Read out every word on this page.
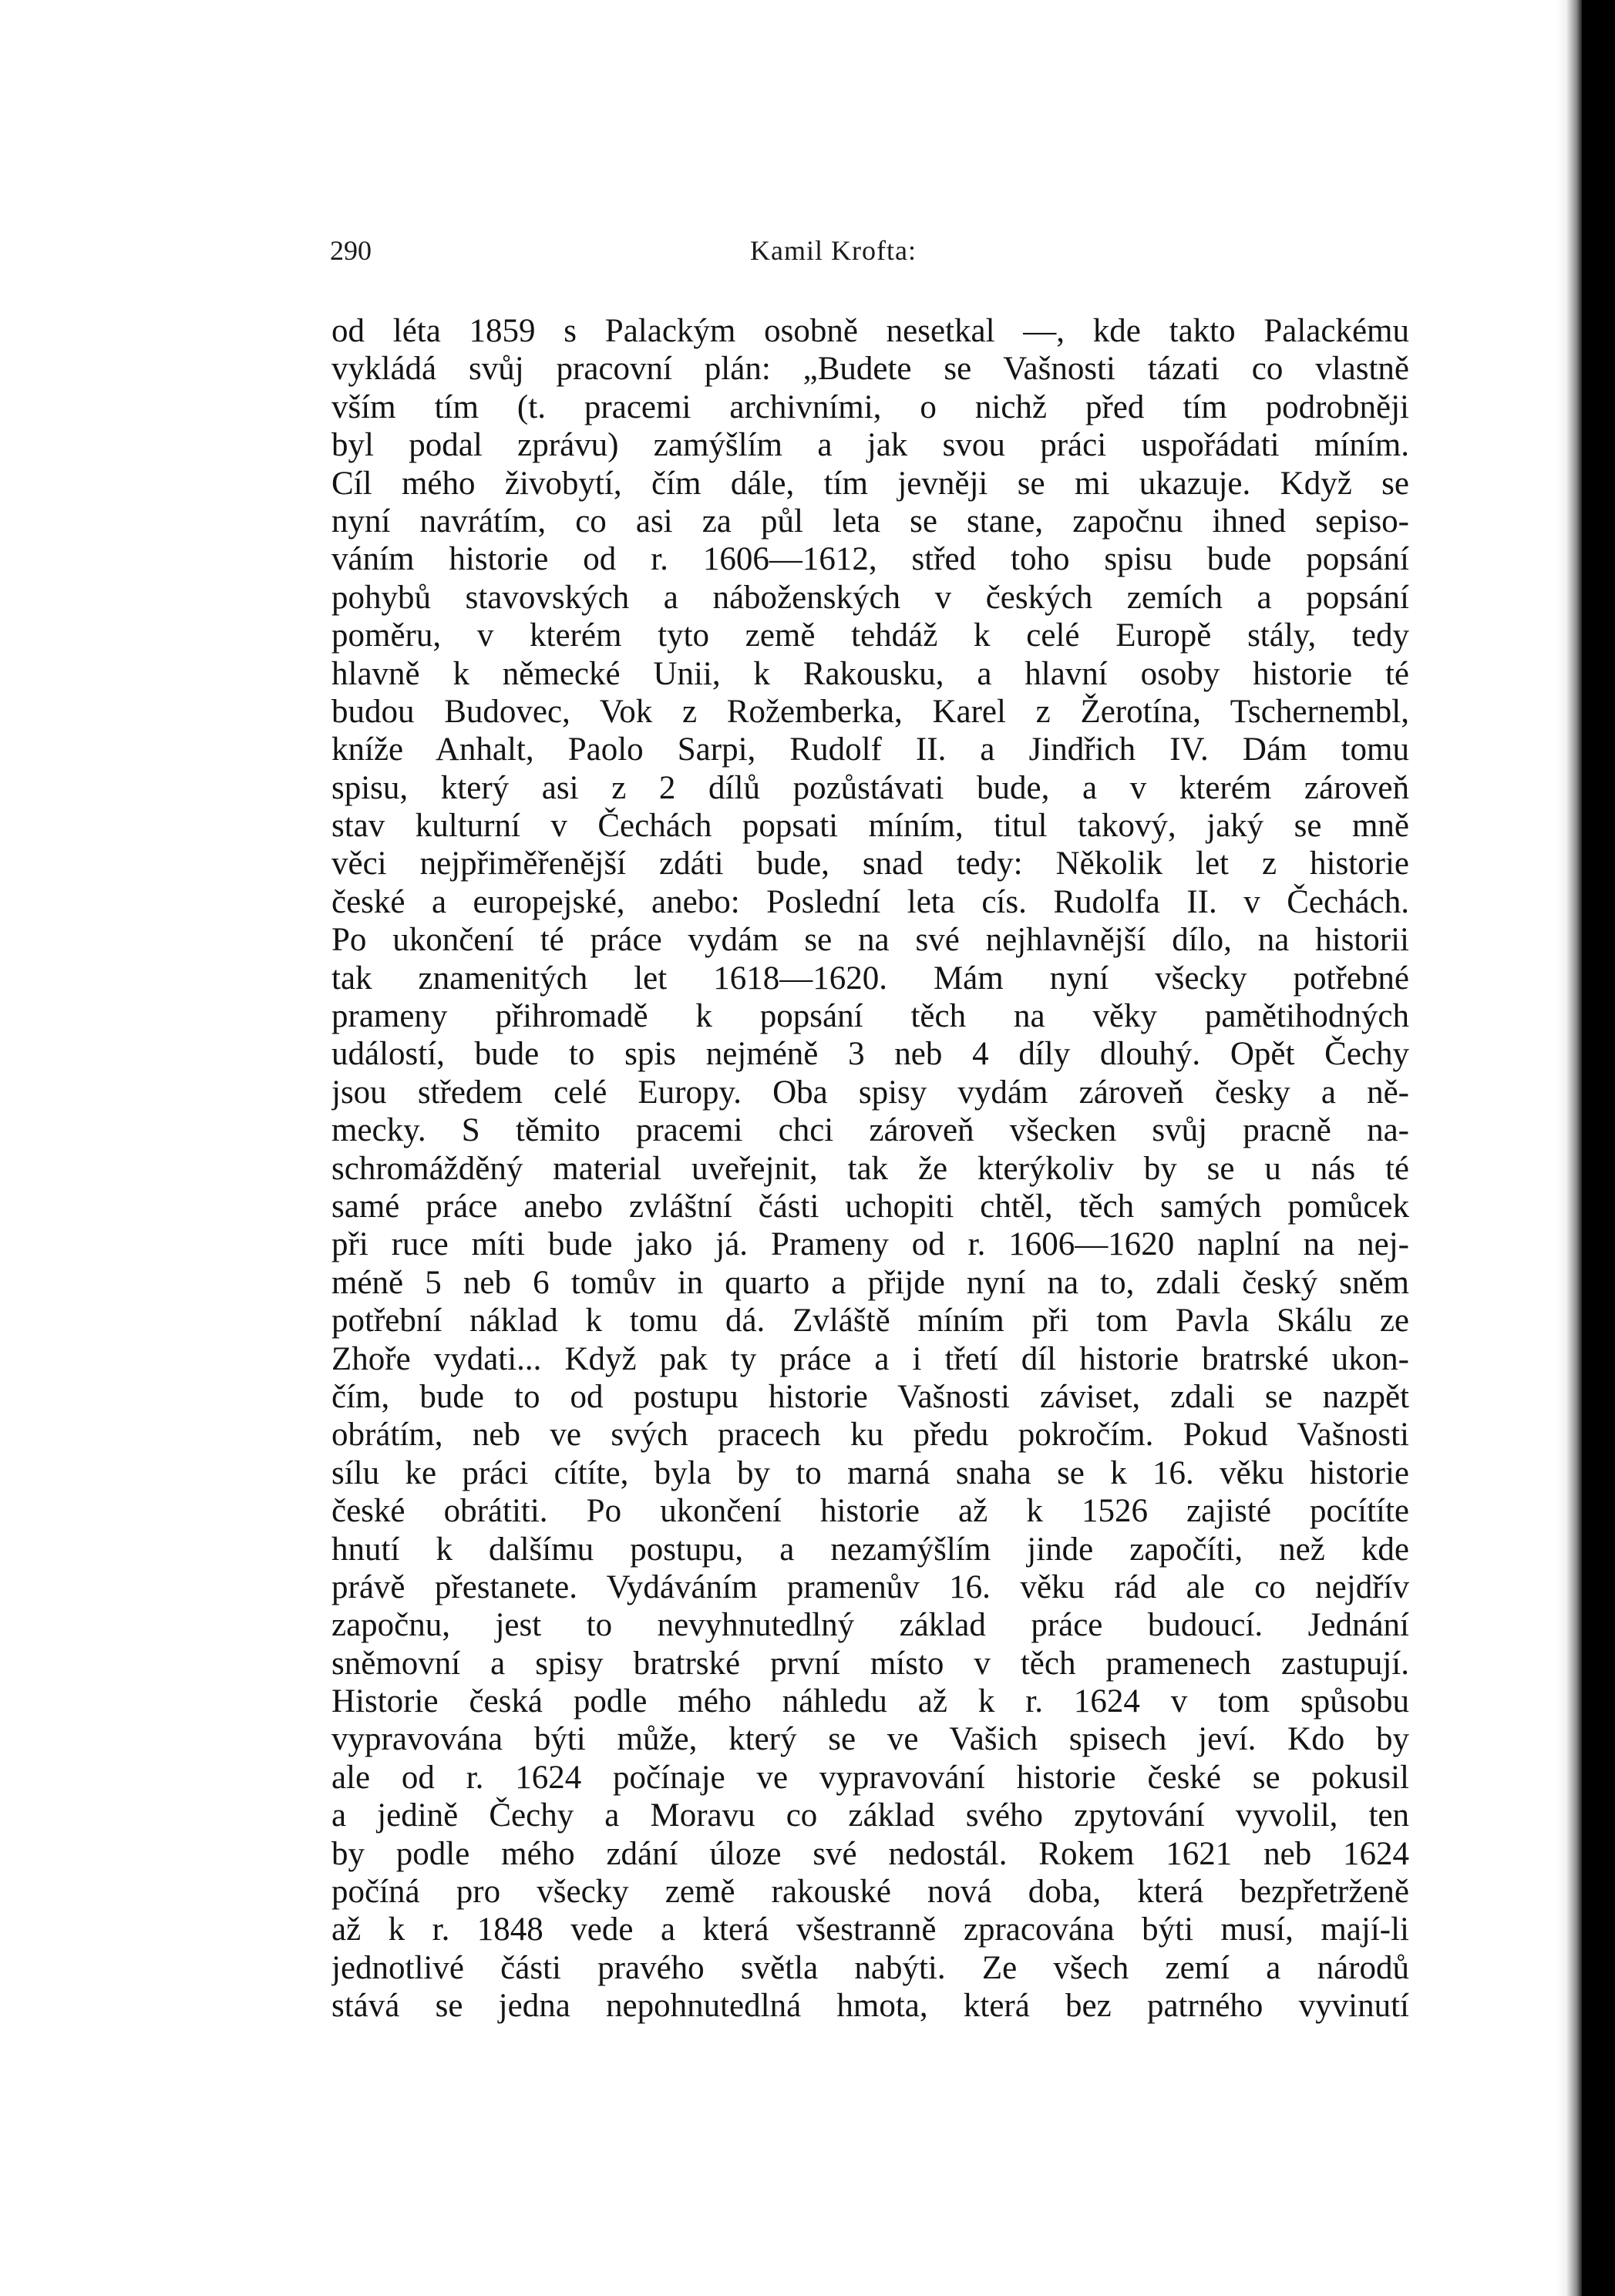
290	Kamil Krofta:
od léta 1859 s Palackým osobně nesetkal —, kde takto Palackému
vykládá svůj pracovní plán: „Budete se Vašnosti tázati co vlastně
vším tím (t. pracemi archivními, o nichž před tím podrobněji
byl podal zprávu) zamýšlím a jak svou práci uspořádati míním.
Cíl mého živobytí, čím dále, tím jevněji se mi ukazuje. Když se
nyní navrátím, co asi za půl leta se stane, započnu ihned sepiso-
váním historie od r. 1606—1612, střed toho spisu bude popsání
pohybů stavovských a náboženských v českých zemích a popsání
poměru, v kterém tyto země tehdáž k celé Europě stály, tedy
hlavně k německé Unii, k Rakousku, a hlavní osoby historie té
budou Budovec, Vok z Rožemberka, Karel z Žerotína, Tschernembl,
kníže Anhalt, Paolo Sarpi, Rudolf II. a Jindřich IV. Dám tomu
spisu, který asi z 2 dílů pozůstávati bude, a v kterém zároveň
stav kulturní v Čechách popsati míním, titul takový, jaký se mně
věci nejpřiměřenější zdáti bude, snad tedy: Několik let z historie
české a europejské, anebo: Poslední leta cís. Rudolfa II. v Čechách.
Po ukončení té práce vydám se na své nejhlavnější dílo, na historii
tak znamenitých let 1618—1620. Mám nyní všecky potřebné
prameny přihromadě k popsání těch na věky pamětihodných
událostí, bude to spis nejméně 3 neb 4 díly dlouhý. Opět Čechy
jsou středem celé Europy. Oba spisy vydám zároveň česky a ně-
mecky. S těmito pracemi chci zároveň všecken svůj pracně na-
schromážděný material uveřejnit, tak že kterýkoliv by se u nás té
samé práce anebo zvláštní části uchopiti chtěl, těch samých pomůcek
při ruce míti bude jako já. Prameny od r. 1606—1620 naplní na nej-
méně 5 neb 6 tomův in quarto a přijde nyní na to, zdali český sněm
potřební náklad k tomu dá. Zvláště míním při tom Pavla Skálu ze
Zhoře vydati... Když pak ty práce a i třetí díl historie bratrské ukon-
čím, bude to od postupu historie Vašnosti záviset, zdali se nazpět
obrátím, neb ve svých pracech ku předu pokročím. Pokud Vašnosti
sílu ke práci cítíte, byla by to marná snaha se k 16. věku historie
české obrátiti. Po ukončení historie až k 1526 zajisté pocítíte
hnutí k dalšímu postupu, a nezamýšlím jinde započíti, než kde
právě přestanete. Vydáváním pramenův 16. věku rád ale co nejdřív
započnu, jest to nevyhnutedlný základ práce budoucí. Jednání
sněmovní a spisy bratrské první místo v těch pramenech zastupují.
Historie česká podle mého náhledu až k r. 1624 v tom spůsobu
vypravována býti může, který se ve Vašich spisech jeví. Kdo by
ale od r. 1624 počínaje ve vypravování historie české se pokusil
a jedině Čechy a Moravu co základ svého zpytování vyvolil, ten
by podle mého zdání úloze své nedostál. Rokem 1621 neb 1624
počíná pro všecky země rakouské nová doba, která bezpřetrženě
až k r. 1848 vede a která všestranně zpracována býti musí, mají-li
jednotlivé části pravého světla nabýti. Ze všech zemí a národů
stává se jedna nepohnutedlná hmota, která bez patrného vyvinutí
